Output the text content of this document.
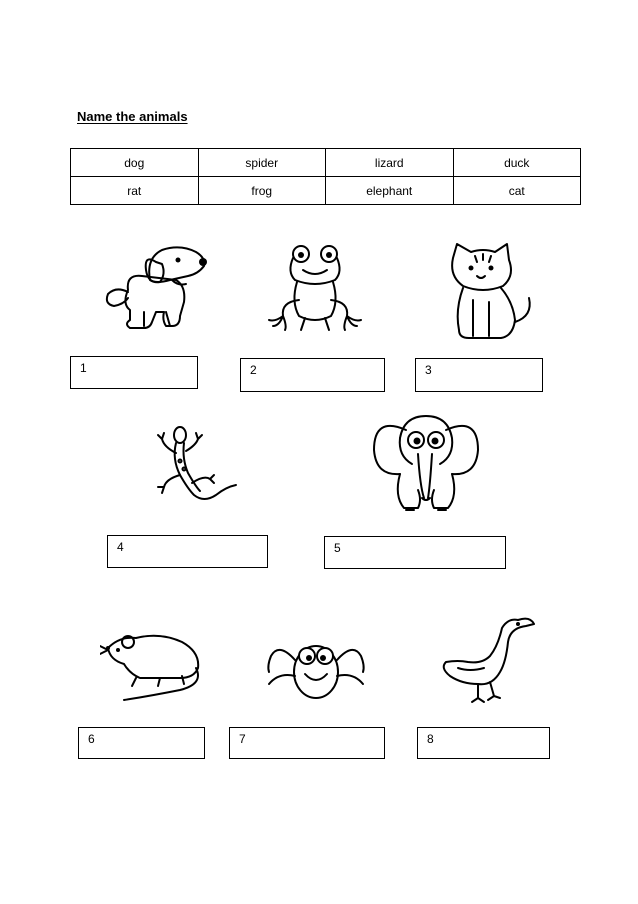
Name the animals
dog	spider	lizard	duck
rat	frog	elephant	cat
1	2	3
4	5
6	7	8
